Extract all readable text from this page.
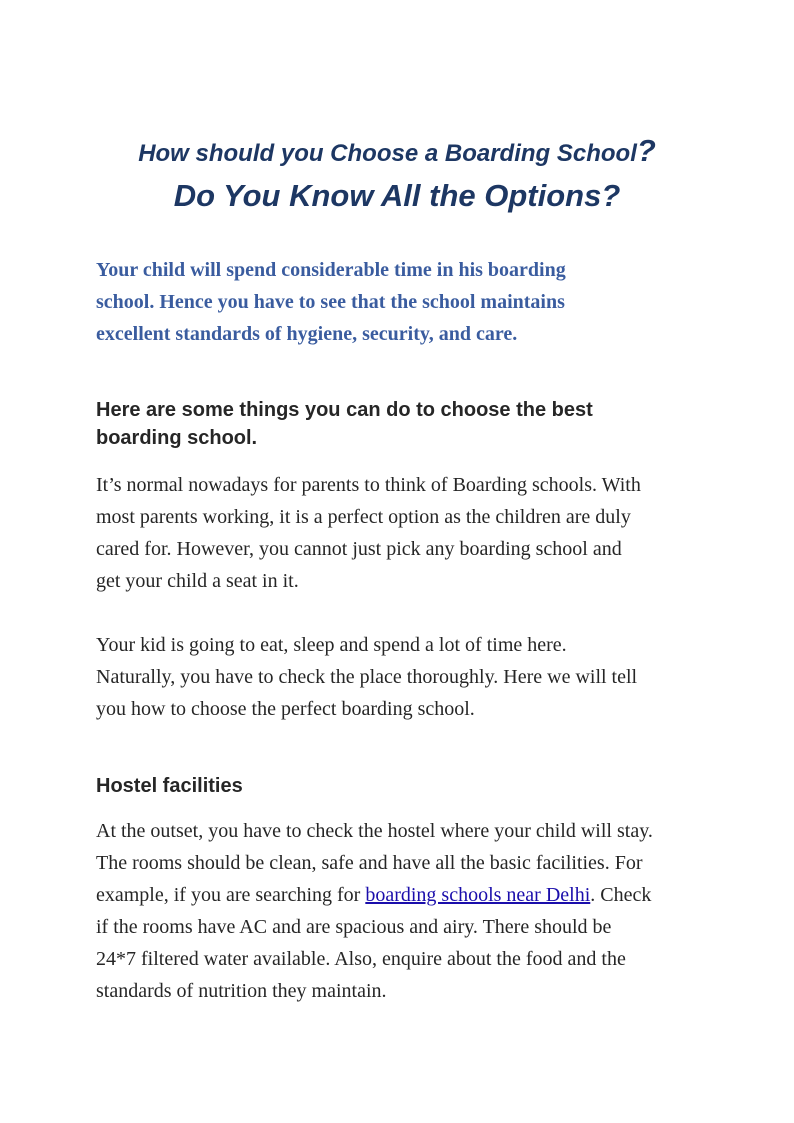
How should you Choose a Boarding School?
Do You Know All the Options?
Your child will spend considerable time in his boarding
school. Hence you have to see that the school maintains
excellent standards of hygiene, security, and care.
Here are some things you can do to choose the best
boarding school.
It’s normal nowadays for parents to think of Boarding schools. With
most parents working, it is a perfect option as the children are duly
cared for. However, you cannot just pick any boarding school and
get your child a seat in it.
Your kid is going to eat, sleep and spend a lot of time here.
Naturally, you have to check the place thoroughly. Here we will tell
you how to choose the perfect boarding school.
Hostel facilities
At the outset, you have to check the hostel where your child will stay.
The rooms should be clean, safe and have all the basic facilities. For
example, if you are searching for boarding schools near Delhi. Check
if the rooms have AC and are spacious and airy. There should be
24*7 filtered water available. Also, enquire about the food and the
standards of nutrition they maintain.
